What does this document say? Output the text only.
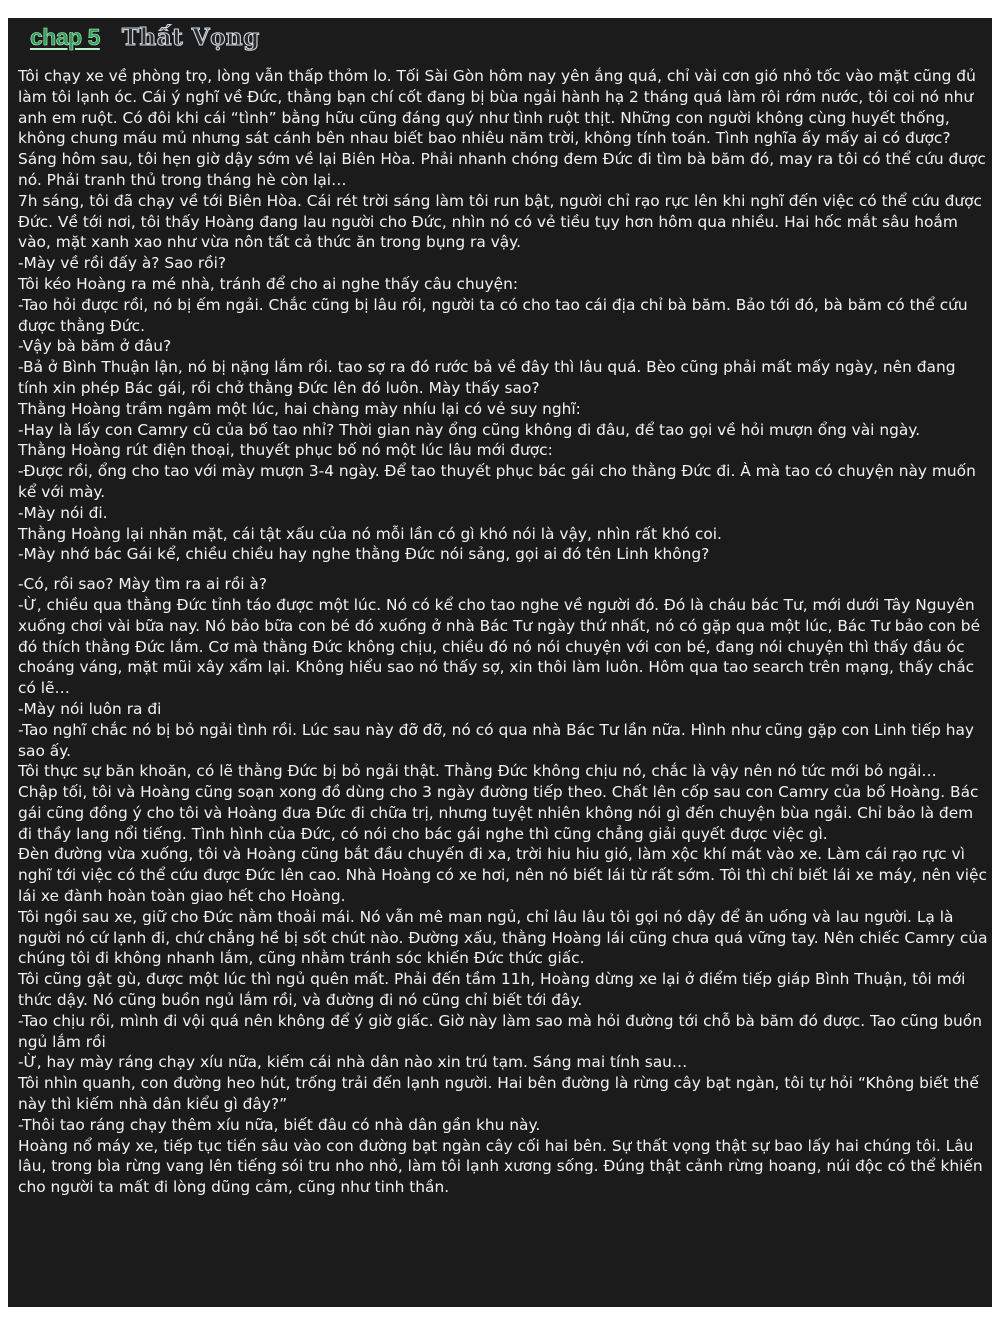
chap 5 Thất Vọng

Tôi chạy xe về phòng trọ, lòng vẫn thấp thỏm lo. Tối Sài Gòn hôm nay yên ắng quá, chỉ vài cơn gió nhỏ tốc vào mặt cũng đủ làm tôi lạnh óc. Cái ý nghĩ về Đức, thằng bạn chí cốt đang bị bùa ngải hành hạ 2 tháng quá làm rôi rớm nước, tôi coi nó như anh em ruột. Có đôi khi cái “tình” bằng hữu cũng đáng quý như tình ruột thịt. Những con người không cùng huyết thống, không chung máu mủ nhưng sát cánh bên nhau biết bao nhiêu năm trời, không tính toán. Tình nghĩa ấy mấy ai có được?

Sáng hôm sau, tôi hẹn giờ dậy sớm về lại Biên Hòa. Phải nhanh chóng đem Đức đi tìm bà băm đó, may ra tôi có thể cứu được nó. Phải tranh thủ trong tháng hè còn lại…

7h sáng, tôi đã chạy về tới Biên Hòa. Cái rét trời sáng làm tôi run bật, người chỉ rạo rực lên khi nghĩ đến việc có thể cứu được Đức. Về tới nơi, tôi thấy Hoàng đang lau người cho Đức, nhìn nó có vẻ tiều tụy hơn hôm qua nhiều. Hai hốc mắt sâu hoắm vào, mặt xanh xao như vừa nôn tất cả thức ăn trong bụng ra vậy.

-Mày về rồi đấy à? Sao rồi?

Tôi kéo Hoàng ra mé nhà, tránh để cho ai nghe thấy câu chuyện:

-Tao hỏi được rồi, nó bị ếm ngải. Chắc cũng bị lâu rồi, người ta có cho tao cái địa chỉ bà băm. Bảo tới đó, bà băm có thể cứu được thằng Đức.

-Vậy bà băm ở đâu?

-Bả ở Bình Thuận lận, nó bị nặng lắm rồi. tao sợ ra đó rước bả về đây thì lâu quá. Bèo cũng phải mất mấy ngày, nên đang tính xin phép Bác gái, rồi chở thằng Đức lên đó luôn. Mày thấy sao?

Thằng Hoàng trầm ngâm một lúc, hai chàng mày nhíu lại có vẻ suy nghĩ:

-Hay là lấy con Camry cũ của bố tao nhỉ? Thời gian này ổng cũng không đi đâu, để tao gọi về hỏi mượn ổng vài ngày.

Thằng Hoàng rút điện thoại, thuyết phục bố nó một lúc lâu mới được:

-Được rồi, ổng cho tao với mày mượn 3-4 ngày. Để tao thuyết phục bác gái cho thằng Đức đi. À mà tao có chuyện này muốn kể với mày.

-Mày nói đi.

Thằng Hoàng lại nhăn mặt, cái tật xấu của nó mỗi lần có gì khó nói là vậy, nhìn rất khó coi.

-Mày nhớ bác Gái kể, chiều chiều hay nghe thằng Đức nói sảng, gọi ai đó tên Linh không?

-Có, rồi sao? Mày tìm ra ai rồi à?

-Ừ, chiều qua thằng Đức tỉnh táo được một lúc. Nó có kể cho tao nghe về người đó. Đó là cháu bác Tư, mới dưới Tây Nguyên xuống chơi vài bữa nay. Nó bảo bữa con bé đó xuống ở nhà Bác Tư ngày thứ nhất, nó có gặp qua một lúc, Bác Tư bảo con bé đó thích thằng Đức lắm. Cơ mà thằng Đức không chịu, chiều đó nó nói chuyện với con bé, đang nói chuyện thì thấy đầu óc choáng váng, mặt mũi xây xẩm lại. Không hiểu sao nó thấy sợ, xin thôi làm luôn. Hôm qua tao search trên mạng, thấy chắc có lẽ…

-Mày nói luôn ra đi

-Tao nghĩ chắc nó bị bỏ ngải tình rồi. Lúc sau này đỡ đỡ, nó có qua nhà Bác Tư lần nữa. Hình như cũng gặp con Linh tiếp hay sao ấy.

Tôi thực sự băn khoăn, có lẽ thằng Đức bị bỏ ngải thật. Thằng Đức không chịu nó, chắc là vậy nên nó tức mới bỏ ngải…

Chập tối, tôi và Hoàng cũng soạn xong đồ dùng cho 3 ngày đường tiếp theo. Chất lên cốp sau con Camry của bố Hoàng. Bác gái cũng đồng ý cho tôi và Hoàng đưa Đức đi chữa trị, nhưng tuyệt nhiên không nói gì đến chuyện bùa ngải. Chỉ bảo là đem đi thầy lang nổi tiếng. Tình hình của Đức, có nói cho bác gái nghe thì cũng chẳng giải quyết được việc gì.

Đèn đường vừa xuống, tôi và Hoàng cũng bắt đầu chuyến đi xa, trời hiu hiu gió, làm xộc khí mát vào xe. Làm cái rạo rực vì nghĩ tới việc có thể cứu được Đức lên cao. Nhà Hoàng có xe hơi, nên nó biết lái từ rất sớm. Tôi thì chỉ biết lái xe máy, nên việc lái xe đành hoàn toàn giao hết cho Hoàng.

Tôi ngồi sau xe, giữ cho Đức nằm thoải mái. Nó vẫn mê man ngủ, chỉ lâu lâu tôi gọi nó dậy để ăn uống và lau người. Lạ là người nó cứ lạnh đi, chứ chẳng hề bị sốt chút nào. Đường xấu, thằng Hoàng lái cũng chưa quá vững tay. Nên chiếc Camry của chúng tôi đi không nhanh lắm, cũng nhằm tránh sóc khiến Đức thức giấc.

Tôi cũng gật gù, được một lúc thì ngủ quên mất. Phải đến tầm 11h, Hoàng dừng xe lại ở điểm tiếp giáp Bình Thuận, tôi mới thức dậy. Nó cũng buồn ngủ lắm rồi, và đường đi nó cũng chỉ biết tới đây.

-Tao chịu rồi, mình đi vội quá nên không để ý giờ giấc. Giờ này làm sao mà hỏi đường tới chỗ bà băm đó được. Tao cũng buồn ngủ lắm rồi

-Ừ, hay mày ráng chạy xíu nữa, kiếm cái nhà dân nào xin trú tạm. Sáng mai tính sau…

Tôi nhìn quanh, con đường heo hút, trống trải đến lạnh người. Hai bên đường là rừng cây bạt ngàn, tôi tự hỏi “Không biết thế này thì kiếm nhà dân kiểu gì đây?”

-Thôi tao ráng chạy thêm xíu nữa, biết đâu có nhà dân gần khu này.

Hoàng nổ máy xe, tiếp tục tiến sâu vào con đường bạt ngàn cây cối hai bên. Sự thất vọng thật sự bao lấy hai chúng tôi. Lâu lâu, trong bìa rừng vang lên tiếng sói tru nho nhỏ, làm tôi lạnh xương sống. Đúng thật cảnh rừng hoang, núi độc có thể khiến cho người ta mất đi lòng dũng cảm, cũng như tinh thần.
